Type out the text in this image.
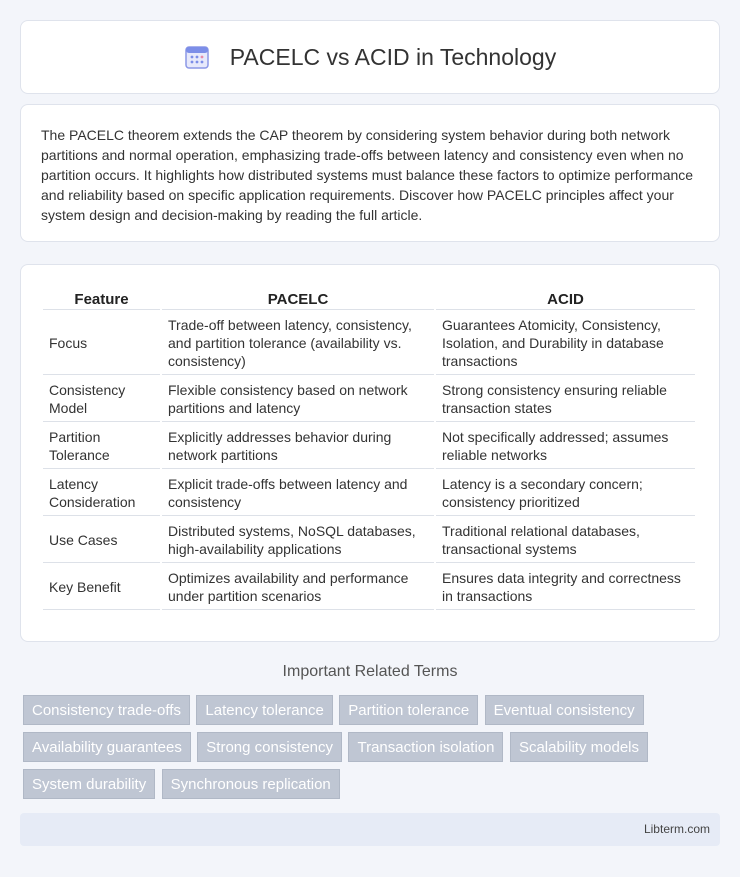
PACELC vs ACID in Technology

The PACELC theorem extends the CAP theorem by considering system behavior during both network partitions and normal operation, emphasizing trade-offs between latency and consistency even when no partition occurs. It highlights how distributed systems must balance these factors to optimize performance and reliability based on specific application requirements. Discover how PACELC principles affect your system design and decision-making by reading the full article.

Feature	PACELC	ACID
Focus	Trade-off between latency, consistency, and partition tolerance (availability vs. consistency)	Guarantees Atomicity, Consistency, Isolation, and Durability in database transactions
Consistency Model	Flexible consistency based on network partitions and latency	Strong consistency ensuring reliable transaction states
Partition Tolerance	Explicitly addresses behavior during network partitions	Not specifically addressed; assumes reliable networks
Latency Consideration	Explicit trade-offs between latency and consistency	Latency is a secondary concern; consistency prioritized
Use Cases	Distributed systems, NoSQL databases, high-availability applications	Traditional relational databases, transactional systems
Key Benefit	Optimizes availability and performance under partition scenarios	Ensures data integrity and correctness in transactions
Important Related Terms
Consistency trade-offs Latency tolerance Partition tolerance Eventual consistency Availability guarantees Strong consistency Transaction isolation Scalability models System durability Synchronous replication
Libterm.com
